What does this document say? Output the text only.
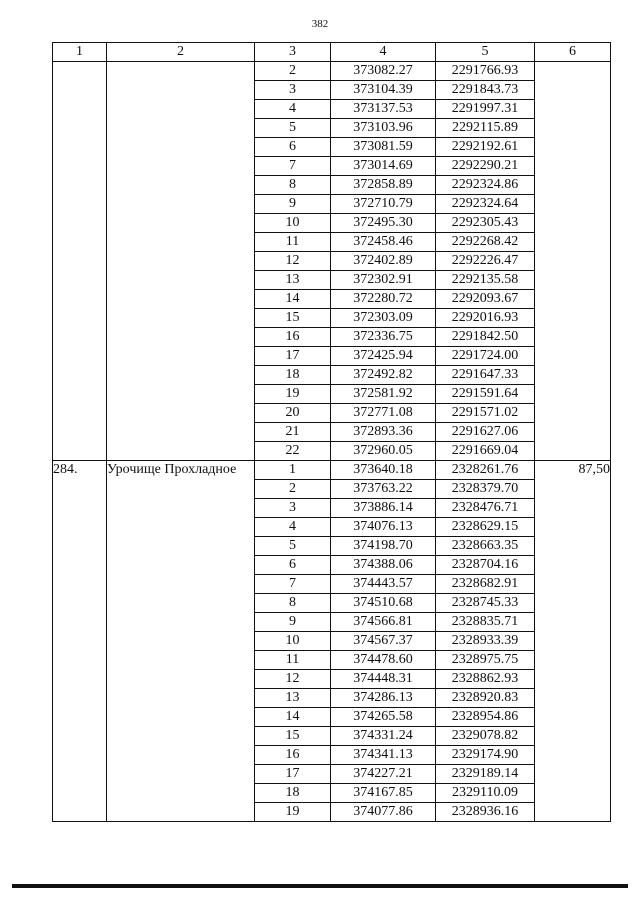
382
1	2	3	4	5	6
		2	373082.27	2291766.93	
		3	373104.39	2291843.73	
		4	373137.53	2291997.31	
		5	373103.96	2292115.89	
		6	373081.59	2292192.61	
		7	373014.69	2292290.21	
		8	372858.89	2292324.86	
		9	372710.79	2292324.64	
		10	372495.30	2292305.43	
		11	372458.46	2292268.42	
		12	372402.89	2292226.47	
		13	372302.91	2292135.58	
		14	372280.72	2292093.67	
		15	372303.09	2292016.93	
		16	372336.75	2291842.50	
		17	372425.94	2291724.00	
		18	372492.82	2291647.33	
		19	372581.92	2291591.64	
		20	372771.08	2291571.02	
		21	372893.36	2291627.06	
		22	372960.05	2291669.04	
284.	Урочище Прохладное	1	373640.18	2328261.76	87,50
		2	373763.22	2328379.70	
		3	373886.14	2328476.71	
		4	374076.13	2328629.15	
		5	374198.70	2328663.35	
		6	374388.06	2328704.16	
		7	374443.57	2328682.91	
		8	374510.68	2328745.33	
		9	374566.81	2328835.71	
		10	374567.37	2328933.39	
		11	374478.60	2328975.75	
		12	374448.31	2328862.93	
		13	374286.13	2328920.83	
		14	374265.58	2328954.86	
		15	374331.24	2329078.82	
		16	374341.13	2329174.90	
		17	374227.21	2329189.14	
		18	374167.85	2329110.09	
		19	374077.86	2328936.16	
